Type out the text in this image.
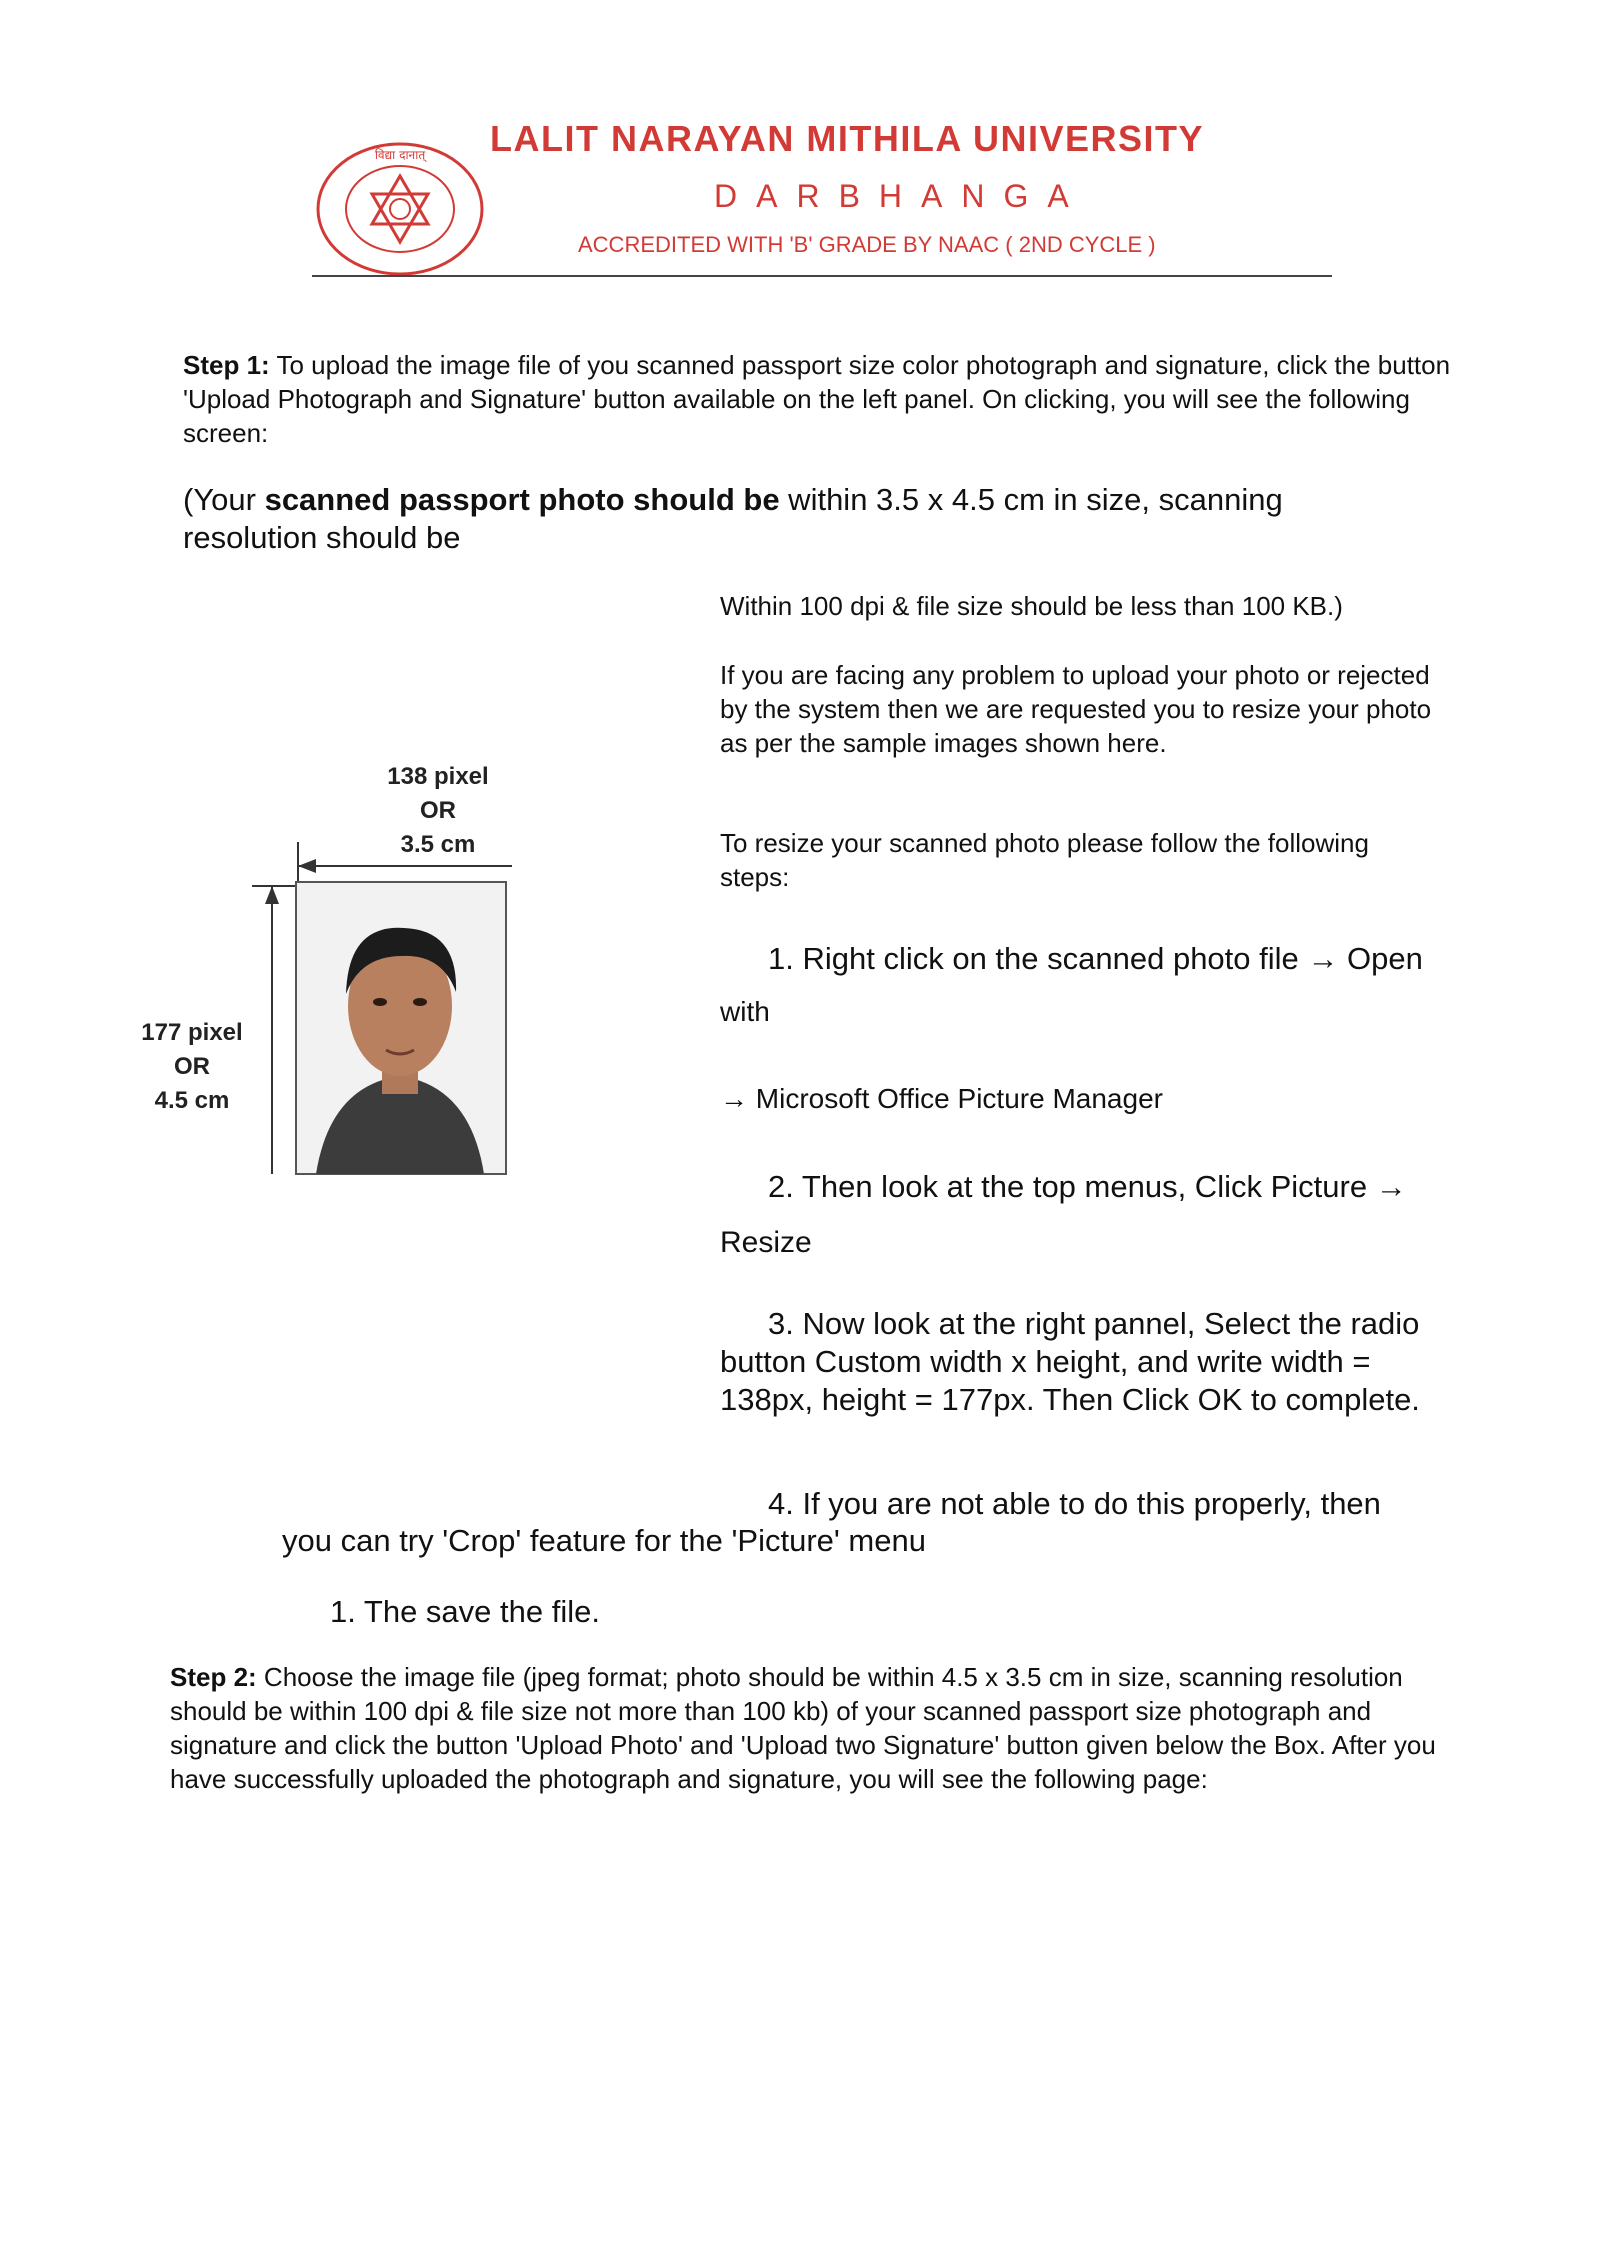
विद्या दानात् LALIT NARAYAN MITHILA UNIVERSITY
DARBHANGA
ACCREDITED WITH 'B' GRADE BY NAAC ( 2ND CYCLE )
Step 1: To upload the image file of you scanned passport size color photograph and signature, click the button 'Upload Photograph and Signature' button available on the left panel. On clicking, you will see the following screen:
(Your scanned passport photo should be within 3.5 x 4.5 cm in size, scanning resolution should be
Within 100 dpi & file size should be less than 100 KB.)
If you are facing any problem to upload your photo or rejected by the system then we are requested you to resize your photo as per the sample images shown here.
To resize your scanned photo please follow the following steps:
1. Right click on the scanned photo file → Open
with
→ Microsoft Office Picture Manager
2. Then look at the top menus, Click Picture →
Resize
3. Now look at the right pannel, Select the radio button Custom width x height, and write width = 138px, height = 177px. Then Click OK to complete.
4. If you are not able to do this properly, then
you can try 'Crop' feature for the 'Picture' menu
1. The save the file.
138 pixel
OR
3.5 cm
177 pixel
OR
4.5 cm
Step 2: Choose the image file (jpeg format; photo should be within 4.5 x 3.5 cm in size, scanning resolution should be within 100 dpi & file size not more than 100 kb) of your scanned passport size photograph and signature and click the button 'Upload Photo' and 'Upload two Signature' button given below the Box. After you have successfully uploaded the photograph and signature, you will see the following page:
